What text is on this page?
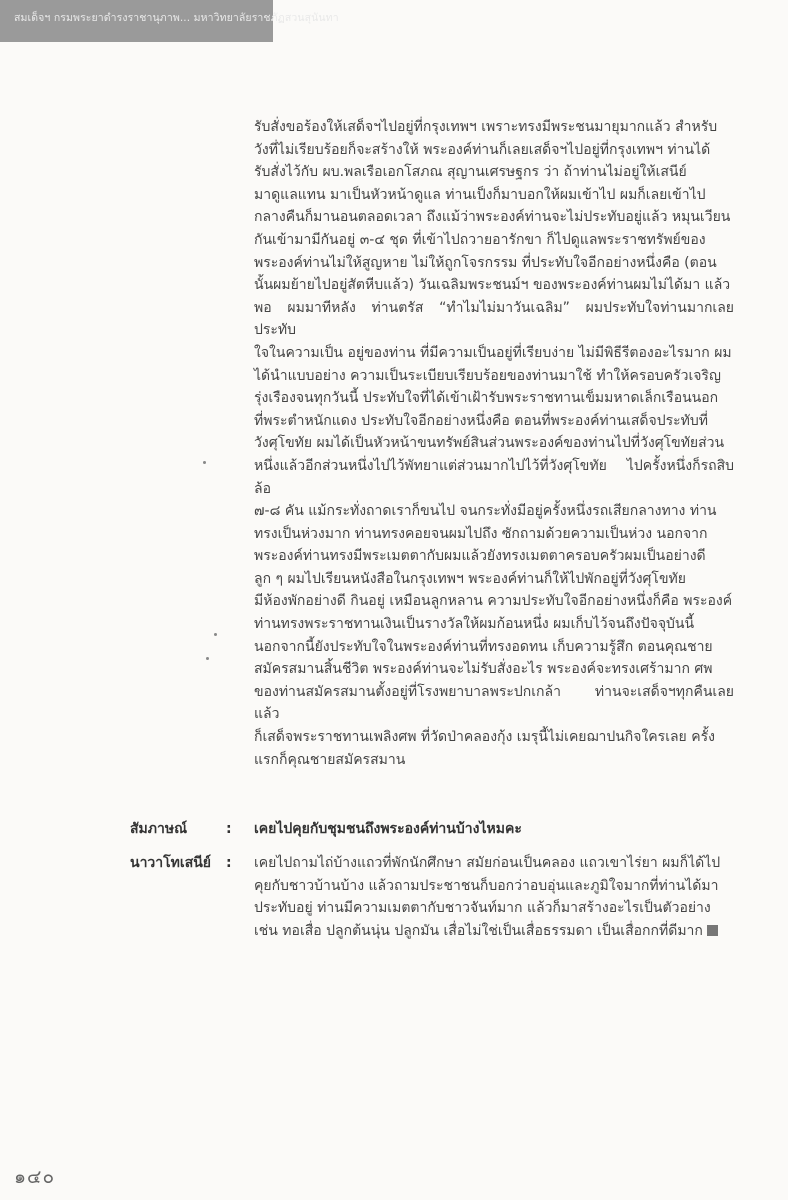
สมเด็จฯ กรมพระยาดำรงราชานุภาพ... มหาวิทยาลัยราชภัฏสวนสุนันทา

รับสั่งขอร้องให้เสด็จฯไปอยู่ที่กรุงเทพฯ เพราะทรงมีพระชนมายุมากแล้ว สำหรับ

วังที่ไม่เรียบร้อยก็จะสร้างให้ พระองค์ท่านก็เลยเสด็จฯไปอยู่ที่กรุงเทพฯ ท่านได้

รับสั่งไว้กับ ผบ.พลเรือเอกโสภณ สุญานเศรษฐกร ว่า ถ้าท่านไม่อยู่ให้เสนีย์

มาดูแลแทน มาเป็นหัวหน้าดูแล ท่านเป็งก็มาบอกให้ผมเข้าไป ผมก็เลยเข้าไป

กลางคืนก็มานอนตลอดเวลา ถึงแม้ว่าพระองค์ท่านจะไม่ประทับอยู่แล้ว หมุนเวียน

กันเข้ามามีกันอยู่ ๓-๔ ชุด ที่เข้าไปถวายอารักขา ก็ไปดูแลพระราชทรัพย์ของ

พระองค์ท่านไม่ให้สูญหาย ไม่ให้ถูกโจรกรรม ที่ประทับใจอีกอย่างหนึ่งคือ (ตอน

นั้นผมย้ายไปอยู่สัตหีบแล้ว) วันเฉลิมพระชนม์ฯ ของพระองค์ท่านผมไม่ได้มา แล้ว

พอ ผมมาทีหลัง ท่านตรัส “ทำไมไม่มาวันเฉลิม” ผมประทับใจท่านมากเลย ประทับ

ใจในความเป็น อยู่ของท่าน ที่มีความเป็นอยู่ที่เรียบง่าย ไม่มีพิธีรีตองอะไรมาก ผม

ได้นำแบบอย่าง ความเป็นระเบียบเรียบร้อยของท่านมาใช้ ทำให้ครอบครัวเจริญ

รุ่งเรืองจนทุกวันนี้ ประทับใจที่ได้เข้าเฝ้ารับพระราชทานเข็มมหาดเล็กเรือนนอก

ที่พระตำหนักแดง ประทับใจอีกอย่างหนึ่งคือ ตอนที่พระองค์ท่านเสด็จประทับที่

วังศุโขทัย ผมได้เป็นหัวหน้าขนทรัพย์สินส่วนพระองค์ของท่านไปที่วังศุโขทัยส่วน

หนึ่งแล้วอีกส่วนหนึ่งไปไว้พัทยาแต่ส่วนมากไปไว้ที่วังศุโขทัย ไปครั้งหนึ่งก็รถสิบล้อ

๗-๘ คัน แม้กระทั่งถาดเราก็ขนไป จนกระทั่งมีอยู่ครั้งหนึ่งรถเสียกลางทาง ท่าน

ทรงเป็นห่วงมาก ท่านทรงคอยจนผมไปถึง ซักถามด้วยความเป็นห่วง นอกจาก

พระองค์ท่านทรงมีพระเมตตากับผมแล้วยังทรงเมตตาครอบครัวผมเป็นอย่างดี

ลูก ๆ ผมไปเรียนหนังสือในกรุงเทพฯ พระองค์ท่านก็ให้ไปพักอยู่ที่วังศุโขทัย

มีห้องพักอย่างดี กินอยู่ เหมือนลูกหลาน ความประทับใจอีกอย่างหนึ่งก็คือ พระองค์

ท่านทรงพระราชทานเงินเป็นรางวัลให้ผมก้อนหนึ่ง ผมเก็บไว้จนถึงปัจจุบันนี้

นอกจากนี้ยังประทับใจในพระองค์ท่านที่ทรงอดทน เก็บความรู้สึก ตอนคุณชาย

สมัครสมานสิ้นชีวิต พระองค์ท่านจะไม่รับสั่งอะไร พระองค์จะทรงเศร้ามาก ศพ

ของท่านสมัครสมานตั้งอยู่ที่โรงพยาบาลพระปกเกล้า ท่านจะเสด็จฯทุกคืนเลย แล้ว

ก็เสด็จพระราชทานเพลิงศพ ที่วัดป่าคลองกุ้ง เมรุนี้ไม่เคยฌาปนกิจใครเลย ครั้ง

แรกก็คุณชายสมัครสมาน

สัมภาษณ์	: เคยไปคุยกับชุมชนถึงพระองค์ท่านบ้างไหมคะ

นาวาโทเสนีย์	: เคยไปถามไถ่บ้างแถวที่พักนักศึกษา สมัยก่อนเป็นคลอง แถวเขาไร่ยา ผมก็ได้ไป

คุยกับชาวบ้านบ้าง แล้วถามประชาชนก็บอกว่าอบอุ่นและภูมิใจมากที่ท่านได้มา

ประทับอยู่ ท่านมีความเมตตากับชาวจันท์มาก แล้วก็มาสร้างอะไรเป็นตัวอย่าง

เช่น ทอเสื่อ ปลูกต้นนุ่น ปลูกมัน เสื่อไม่ใช่เป็นเสื่อธรรมดา เป็นเสื่อกกที่ดีมาก

๑๔๐
